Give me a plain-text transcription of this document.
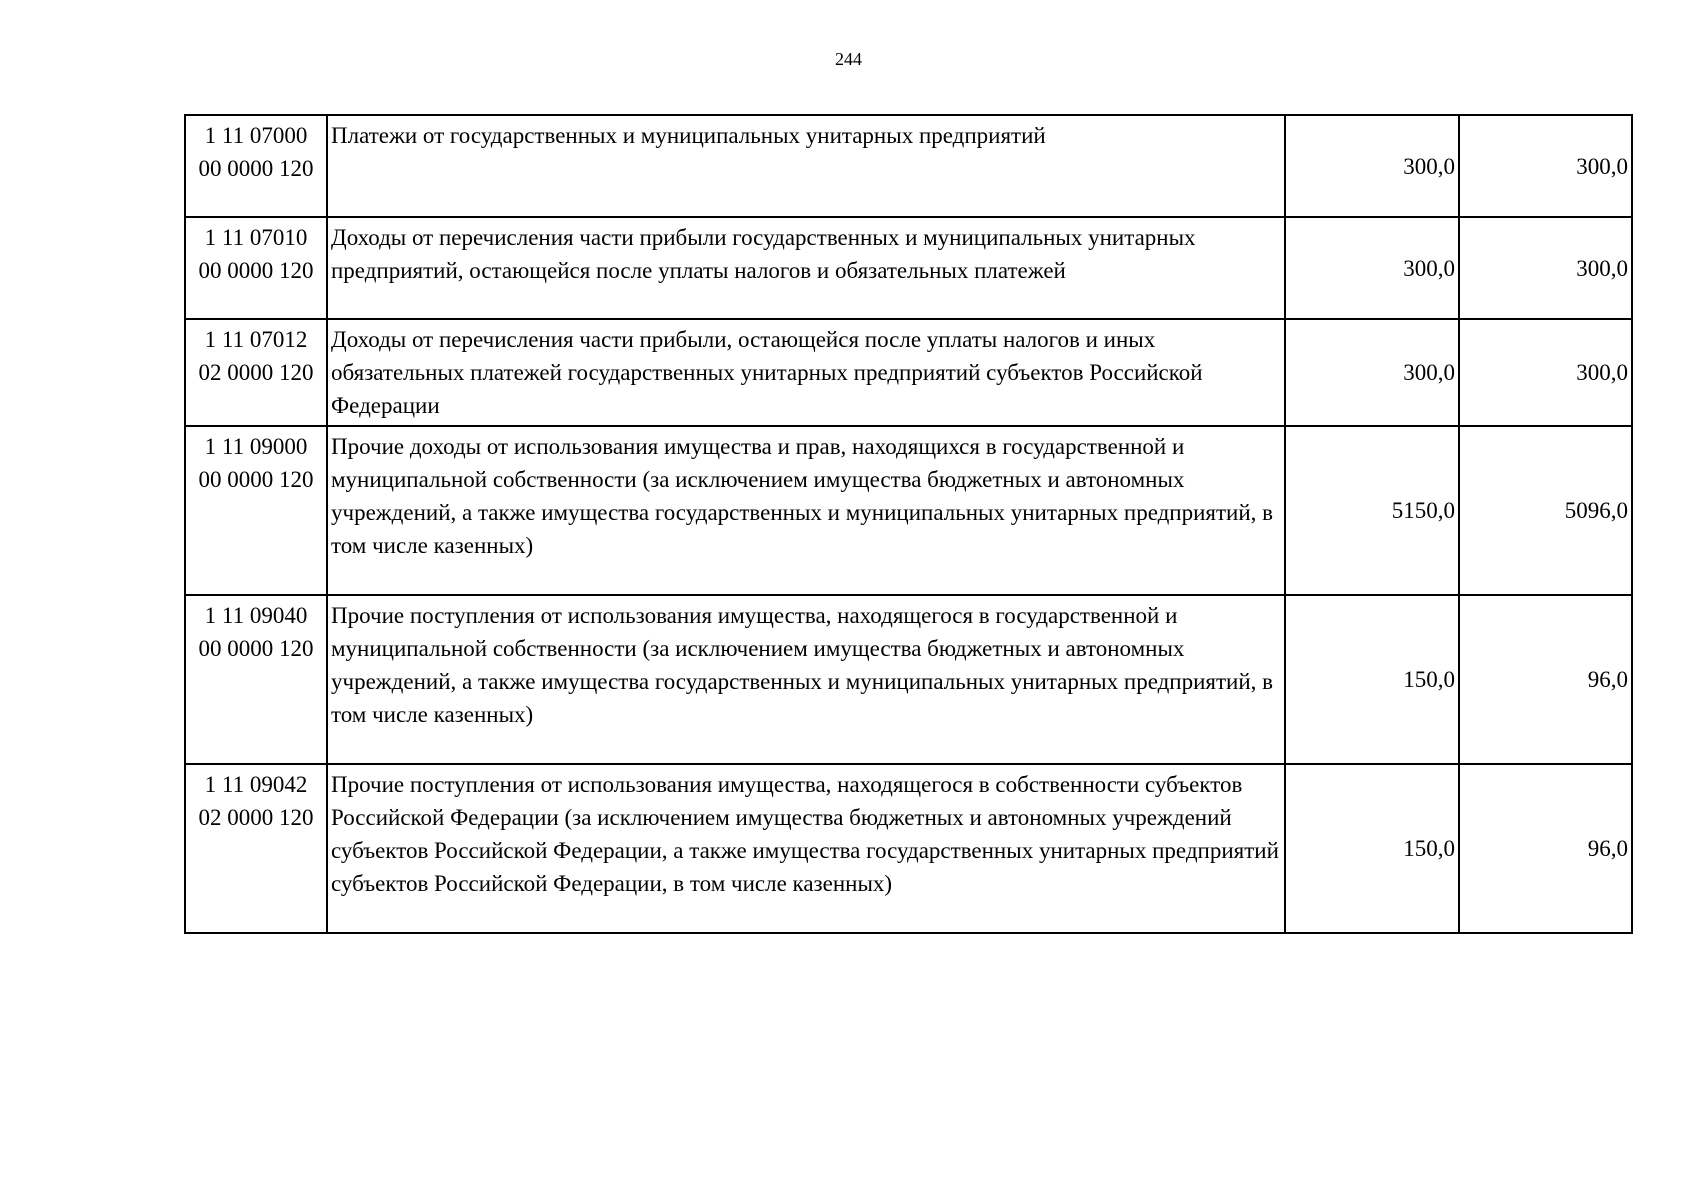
244
1 11 07000
00 0000 120	Платежи от государственных и муниципальных унитарных предприятий	300,0	300,0

1 11 07010
00 0000 120	Доходы от перечисления части прибыли государственных и муниципальных унитарных предприятий, остающейся после уплаты налогов и обязательных платежей	300,0	300,0

1 11 07012
02 0000 120	Доходы от перечисления части прибыли, остающейся после уплаты налогов и иных обязательных платежей государственных унитарных предприятий субъектов Российской Федерации	300,0	300,0

1 11 09000
00 0000 120	Прочие доходы от использования имущества и прав, находящихся в государственной и муниципальной собственности (за исключением имущества бюджетных и автономных учреждений, а также имущества государственных и муниципальных унитарных предприятий, в том числе казенных)	5150,0	5096,0

1 11 09040
00 0000 120	Прочие поступления от использования имущества, находящегося в государственной и муниципальной собственности (за исключением имущества бюджетных и автономных учреждений, а также имущества государственных и муниципальных унитарных предприятий, в том числе казенных)	150,0	96,0

1 11 09042
02 0000 120	Прочие поступления от использования имущества, находящегося в собственности субъектов Российской Федерации (за исключением имущества бюджетных и автономных учреждений субъектов Российской Федерации, а также имущества государственных унитарных предприятий субъектов Российской Федерации, в том числе казенных)	150,0	96,0
